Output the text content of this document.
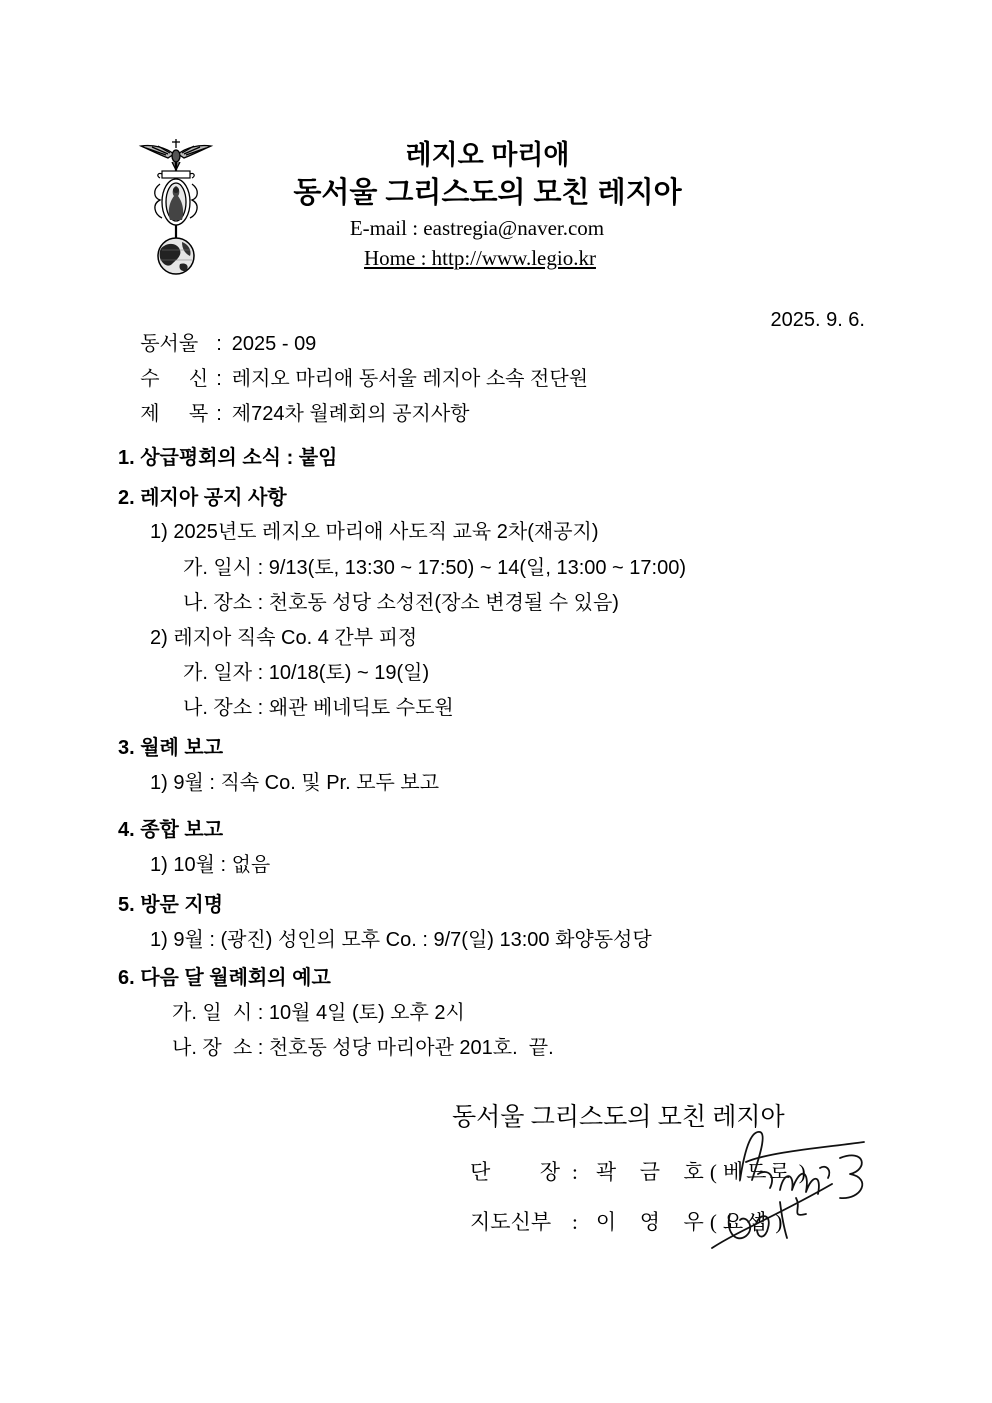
레지오 마리애
동서울 그리스도의 모친 레지아
E-mail : eastregia@naver.com
Home : http://www.legio.kr

동서울 : 2025 - 09

2025. 9. 6.

수 신 : 레지오 마리애 동서울 레지아 소속 전단원

제 목 : 제724차 월례회의 공지사항

1. 상급평회의 소식 : 붙임
2. 레지아 공지 사항
1) 2025년도 레지오 마리애 사도직 교육 2차(재공지)
가. 일시 : 9/13(토, 13:30 ~ 17:50) ~ 14(일, 13:00 ~ 17:00)
나. 장소 : 천호동 성당 소성전(장소 변경될 수 있음)
2) 레지아 직속 Co. 4 간부 피정
가. 일자 : 10/18(토) ~ 19(일)
나. 장소 : 왜관 베네딕토 수도원
3. 월례 보고
1) 9월 : 직속 Co. 및 Pr. 모두 보고
4. 종합 보고
1) 10월 : 없음
5. 방문 지명
1) 9월 : (광진) 성인의 모후 Co. : 9/7(일) 13:00 화양동성당
6. 다음 달 월례회의 예고
가. 일  시 : 10월 4일 (토) 오후 2시
나. 장  소 : 천호동 성당 마리아관 201호.  끝.
동서울 그리스도의 모친 레지아
단 장 : 곽 금 호 ( 베드로 )
지도신부 : 이 영 우 ( 요셉 )
